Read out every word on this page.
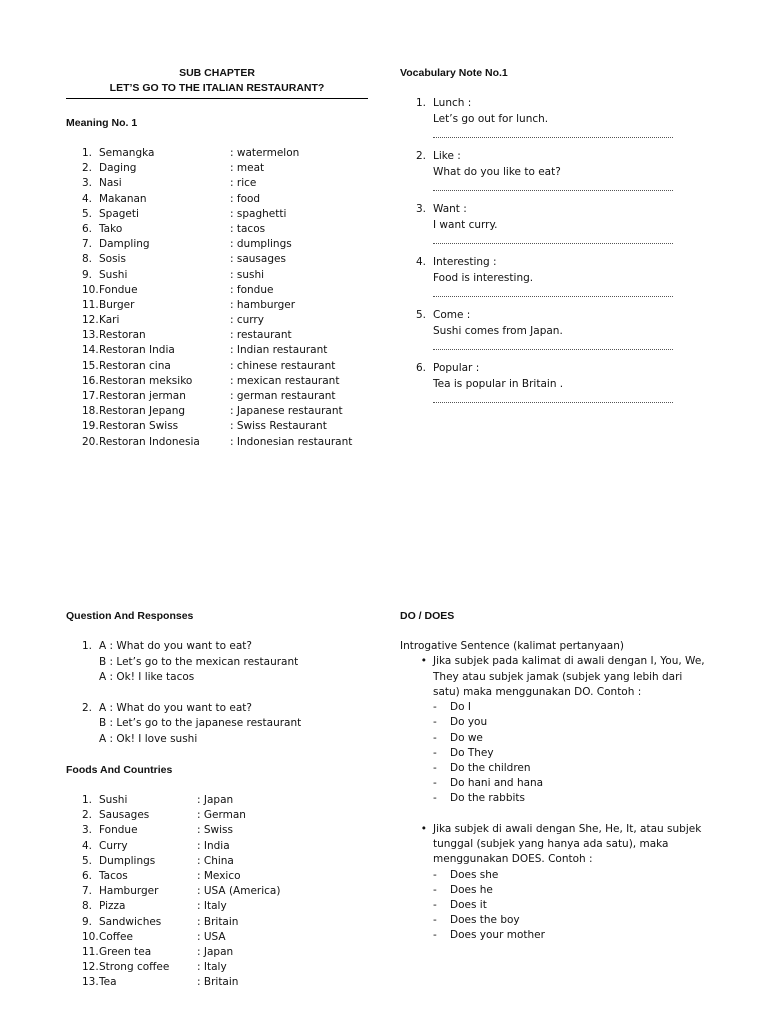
SUB CHAPTER
LET’S GO TO THE ITALIAN RESTAURANT?
Meaning No. 1
1. Semangka	: watermelon
2. Daging	: meat
3. Nasi	: rice
4. Makanan	: food
5. Spageti	: spaghetti
6. Tako	: tacos
7. Dampling	: dumplings
8. Sosis	: sausages
9. Sushi	: sushi
10. Fondue	: fondue
11. Burger	: hamburger
12. Kari	: curry
13. Restoran	: restaurant
14. Restoran India	: Indian restaurant
15. Restoran cina	: chinese restaurant
16. Restoran meksiko	: mexican restaurant
17. Restoran jerman	: german restaurant
18. Restoran Jepang	: Japanese restaurant
19. Restoran Swiss	: Swiss Restaurant
20. Restoran Indonesia	: Indonesian restaurant
Vocabulary Note No.1
1. Lunch :
Let’s go out for lunch.
2. Like :
What do you like to eat?
3. Want :
I want curry.
4. Interesting :
Food is interesting.
5. Come :
Sushi comes from Japan.
6. Popular :
Tea is popular in Britain .
Question And Responses
1. A : What do you want to eat?
B : Let’s go to the mexican restaurant
A : Ok! I like tacos
2. A : What do you want to eat?
B : Let’s go to the japanese restaurant
A : Ok! I love sushi
Foods And Countries
1. Sushi	: Japan
2. Sausages	: German
3. Fondue	: Swiss
4. Curry	: India
5. Dumplings	: China
6. Tacos	: Mexico
7. Hamburger	: USA (America)
8. Pizza	: Italy
9. Sandwiches	: Britain
10. Coffee	: USA
11. Green tea	: Japan
12. Strong coffee	: Italy
13. Tea	: Britain
DO / DOES
Introgative Sentence (kalimat pertanyaan)
• Jika subjek pada kalimat di awali dengan I, You, We, They atau subjek jamak (subjek yang lebih dari satu) maka menggunakan DO. Contoh :
-	Do I
-	Do you
-	Do we
-	Do They
-	Do the children
-	Do hani and hana
-	Do the rabbits
• Jika subjek di awali dengan She, He, It, atau subjek tunggal (subjek yang hanya ada satu), maka menggunakan DOES. Contoh :
-	Does she
-	Does he
-	Does it
-	Does the boy
-	Does your mother
